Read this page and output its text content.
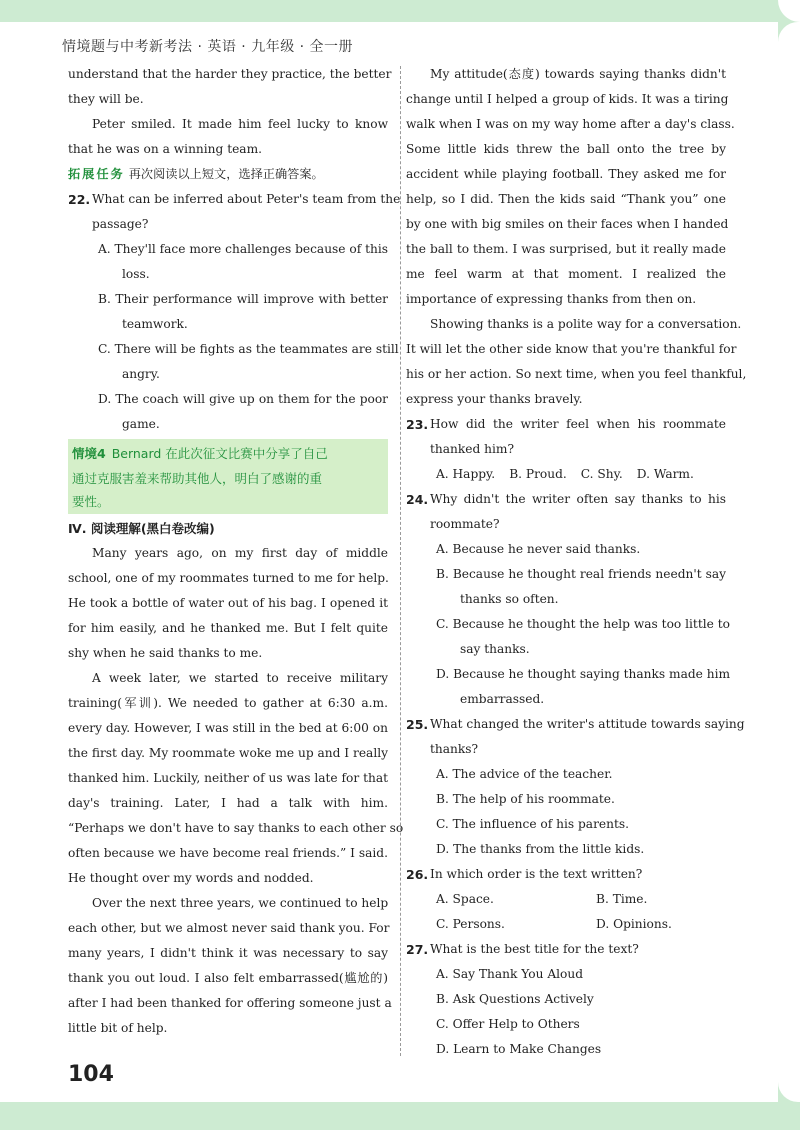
情境题与中考新考法 · 英语 · 九年级 · 全一册
understand that the harder they practice, the better
they will be.
Peter smiled. It made him feel lucky to know
that he was on a winning team.
拓展任务 再次阅读以上短文，选择正确答案。
22. What can be inferred about Peter's team from the
passage?
A. They'll face more challenges because of this
loss.
B. Their performance will improve with better
teamwork.
C. There will be fights as the teammates are still
angry.
D. The coach will give up on them for the poor
game.
情境4 Bernard 在此次征文比赛中分享了自己
通过克服害羞来帮助其他人，明白了感谢的重
要性。
Ⅳ. 阅读理解(黑白卷改编)
Many years ago, on my first day of middle
school, one of my roommates turned to me for help.
He took a bottle of water out of his bag. I opened it
for him easily, and he thanked me. But I felt quite
shy when he said thanks to me.
A week later, we started to receive military
training(军训). We needed to gather at 6:30 a.m.
every day. However, I was still in the bed at 6:00 on
the first day. My roommate woke me up and I really
thanked him. Luckily, neither of us was late for that
day's training. Later, I had a talk with him.
“Perhaps we don't have to say thanks to each other so
often because we have become real friends.” I said.
He thought over my words and nodded.
Over the next three years, we continued to help
each other, but we almost never said thank you. For
many years, I didn't think it was necessary to say
thank you out loud. I also felt embarrassed(尴尬的)
after I had been thanked for offering someone just a
little bit of help.
My attitude(态度) towards saying thanks didn't
change until I helped a group of kids. It was a tiring
walk when I was on my way home after a day's class.
Some little kids threw the ball onto the tree by
accident while playing football. They asked me for
help, so I did. Then the kids said “Thank you” one
by one with big smiles on their faces when I handed
the ball to them. I was surprised, but it really made
me feel warm at that moment. I realized the
importance of expressing thanks from then on.
Showing thanks is a polite way for a conversation.
It will let the other side know that you're thankful for
his or her action. So next time, when you feel thankful,
express your thanks bravely.
23. How did the writer feel when his roommate
thanked him?
A. Happy. B. Proud. C. Shy. D. Warm.
24. Why didn't the writer often say thanks to his
roommate?
A. Because he never said thanks.
B. Because he thought real friends needn't say
thanks so often.
C. Because he thought the help was too little to
say thanks.
D. Because he thought saying thanks made him
embarrassed.
25. What changed the writer's attitude towards saying
thanks?
A. The advice of the teacher.
B. The help of his roommate.
C. The influence of his parents.
D. The thanks from the little kids.
26. In which order is the text written?
A. Space.	B. Time.
C. Persons.	D. Opinions.
27. What is the best title for the text?
A. Say Thank You Aloud
B. Ask Questions Actively
C. Offer Help to Others
D. Learn to Make Changes
104
